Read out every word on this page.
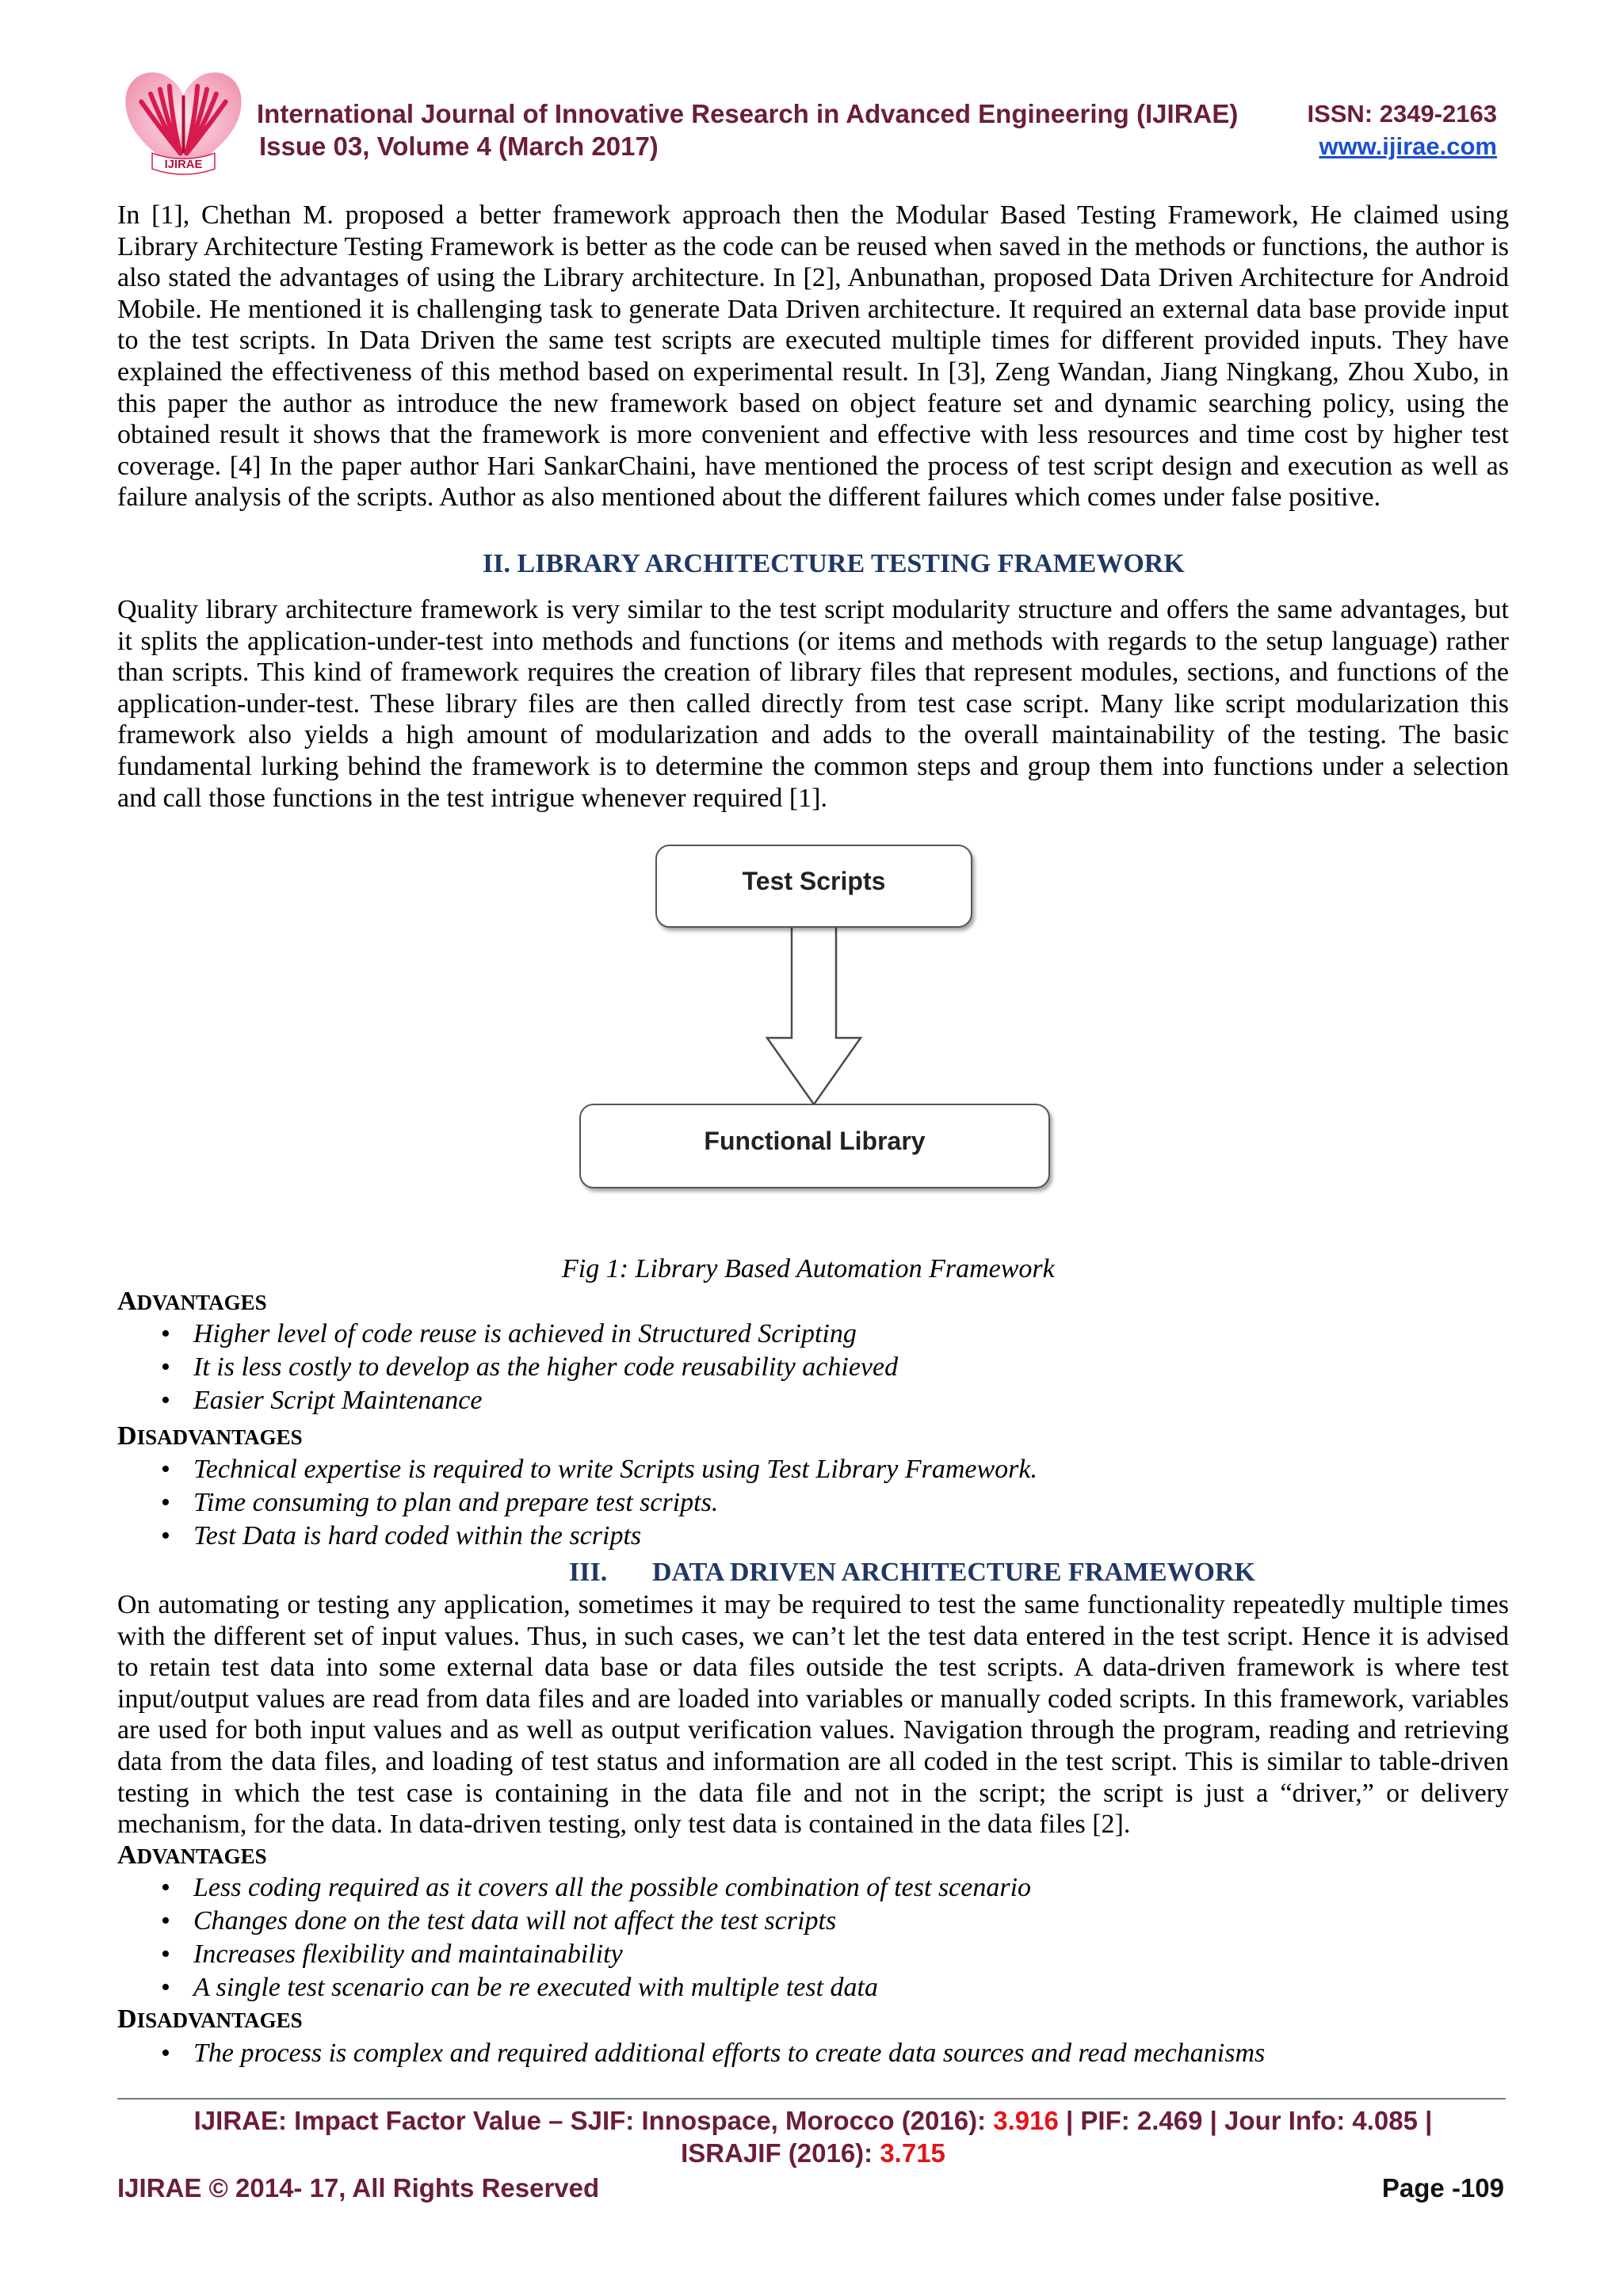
IJIRAE
International Journal of Innovative Research in Advanced Engineering (IJIRAE)
Issue 03, Volume 4 (March 2017)
ISSN: 2349-2163
www.ijirae.com

In [1], Chethan M. proposed a better framework approach then the Modular Based Testing Framework, He claimed using Library Architecture Testing Framework is better as the code can be reused when saved in the methods or functions, the author is also stated the advantages of using the Library architecture. In [2], Anbunathan, proposed Data Driven Architecture for Android Mobile. He mentioned it is challenging task to generate Data Driven architecture. It required an external data base provide input to the test scripts. In Data Driven the same test scripts are executed multiple times for different provided inputs. They have explained the effectiveness of this method based on experimental result. In [3], Zeng Wandan, Jiang Ningkang, Zhou Xubo, in this paper the author as introduce the new framework based on object feature set and dynamic searching policy, using the obtained result it shows that the framework is more convenient and effective with less resources and time cost by higher test coverage. [4] In the paper author Hari SankarChaini, have mentioned the process of test script design and execution as well as failure analysis of the scripts. Author as also mentioned about the different failures which comes under false positive.

II. LIBRARY ARCHITECTURE TESTING FRAMEWORK

Quality library architecture framework is very similar to the test script modularity structure and offers the same advantages, but it splits the application-under-test into methods and functions (or items and methods with regards to the setup language) rather than scripts. This kind of framework requires the creation of library files that represent modules, sections, and functions of the application-under-test. These library files are then called directly from test case script. Many like script modularization this framework also yields a high amount of modularization and adds to the overall maintainability of the testing. The basic fundamental lurking behind the framework is to determine the common steps and group them into functions under a selection and call those functions in the test intrigue whenever required [1].

Test Scripts
Functional Library
Fig 1: Library Based Automation Framework
ADVANTAGES
• Higher level of code reuse is achieved in Structured Scripting
• It is less costly to develop as the higher code reusability achieved
• Easier Script Maintenance
DISADVANTAGES
• Technical expertise is required to write Scripts using Test Library Framework.
• Time consuming to plan and prepare test scripts.
• Test Data is hard coded within the scripts
III. DATA DRIVEN ARCHITECTURE FRAMEWORK

On automating or testing any application, sometimes it may be required to test the same functionality repeatedly multiple times with the different set of input values. Thus, in such cases, we can’t let the test data entered in the test script. Hence it is advised to retain test data into some external data base or data files outside the test scripts. A data-driven framework is where test input/output values are read from data files and are loaded into variables or manually coded scripts. In this framework, variables are used for both input values and as well as output verification values. Navigation through the program, reading and retrieving data from the data files, and loading of test status and information are all coded in the test script. This is similar to table-driven testing in which the test case is containing in the data file and not in the script; the script is just a “driver,” or delivery mechanism, for the data. In data-driven testing, only test data is contained in the data files [2].

ADVANTAGES
• Less coding required as it covers all the possible combination of test scenario
• Changes done on the test data will not affect the test scripts
• Increases flexibility and maintainability
• A single test scenario can be re executed with multiple test data
DISADVANTAGES
• The process is complex and required additional efforts to create data sources and read mechanisms
IJIRAE: Impact Factor Value – SJIF: Innospace, Morocco (2016): 3.916 | PIF: 2.469 | Jour Info: 4.085 |
ISRAJIF (2016): 3.715
IJIRAE © 2014- 17, All Rights Reserved	Page -109
